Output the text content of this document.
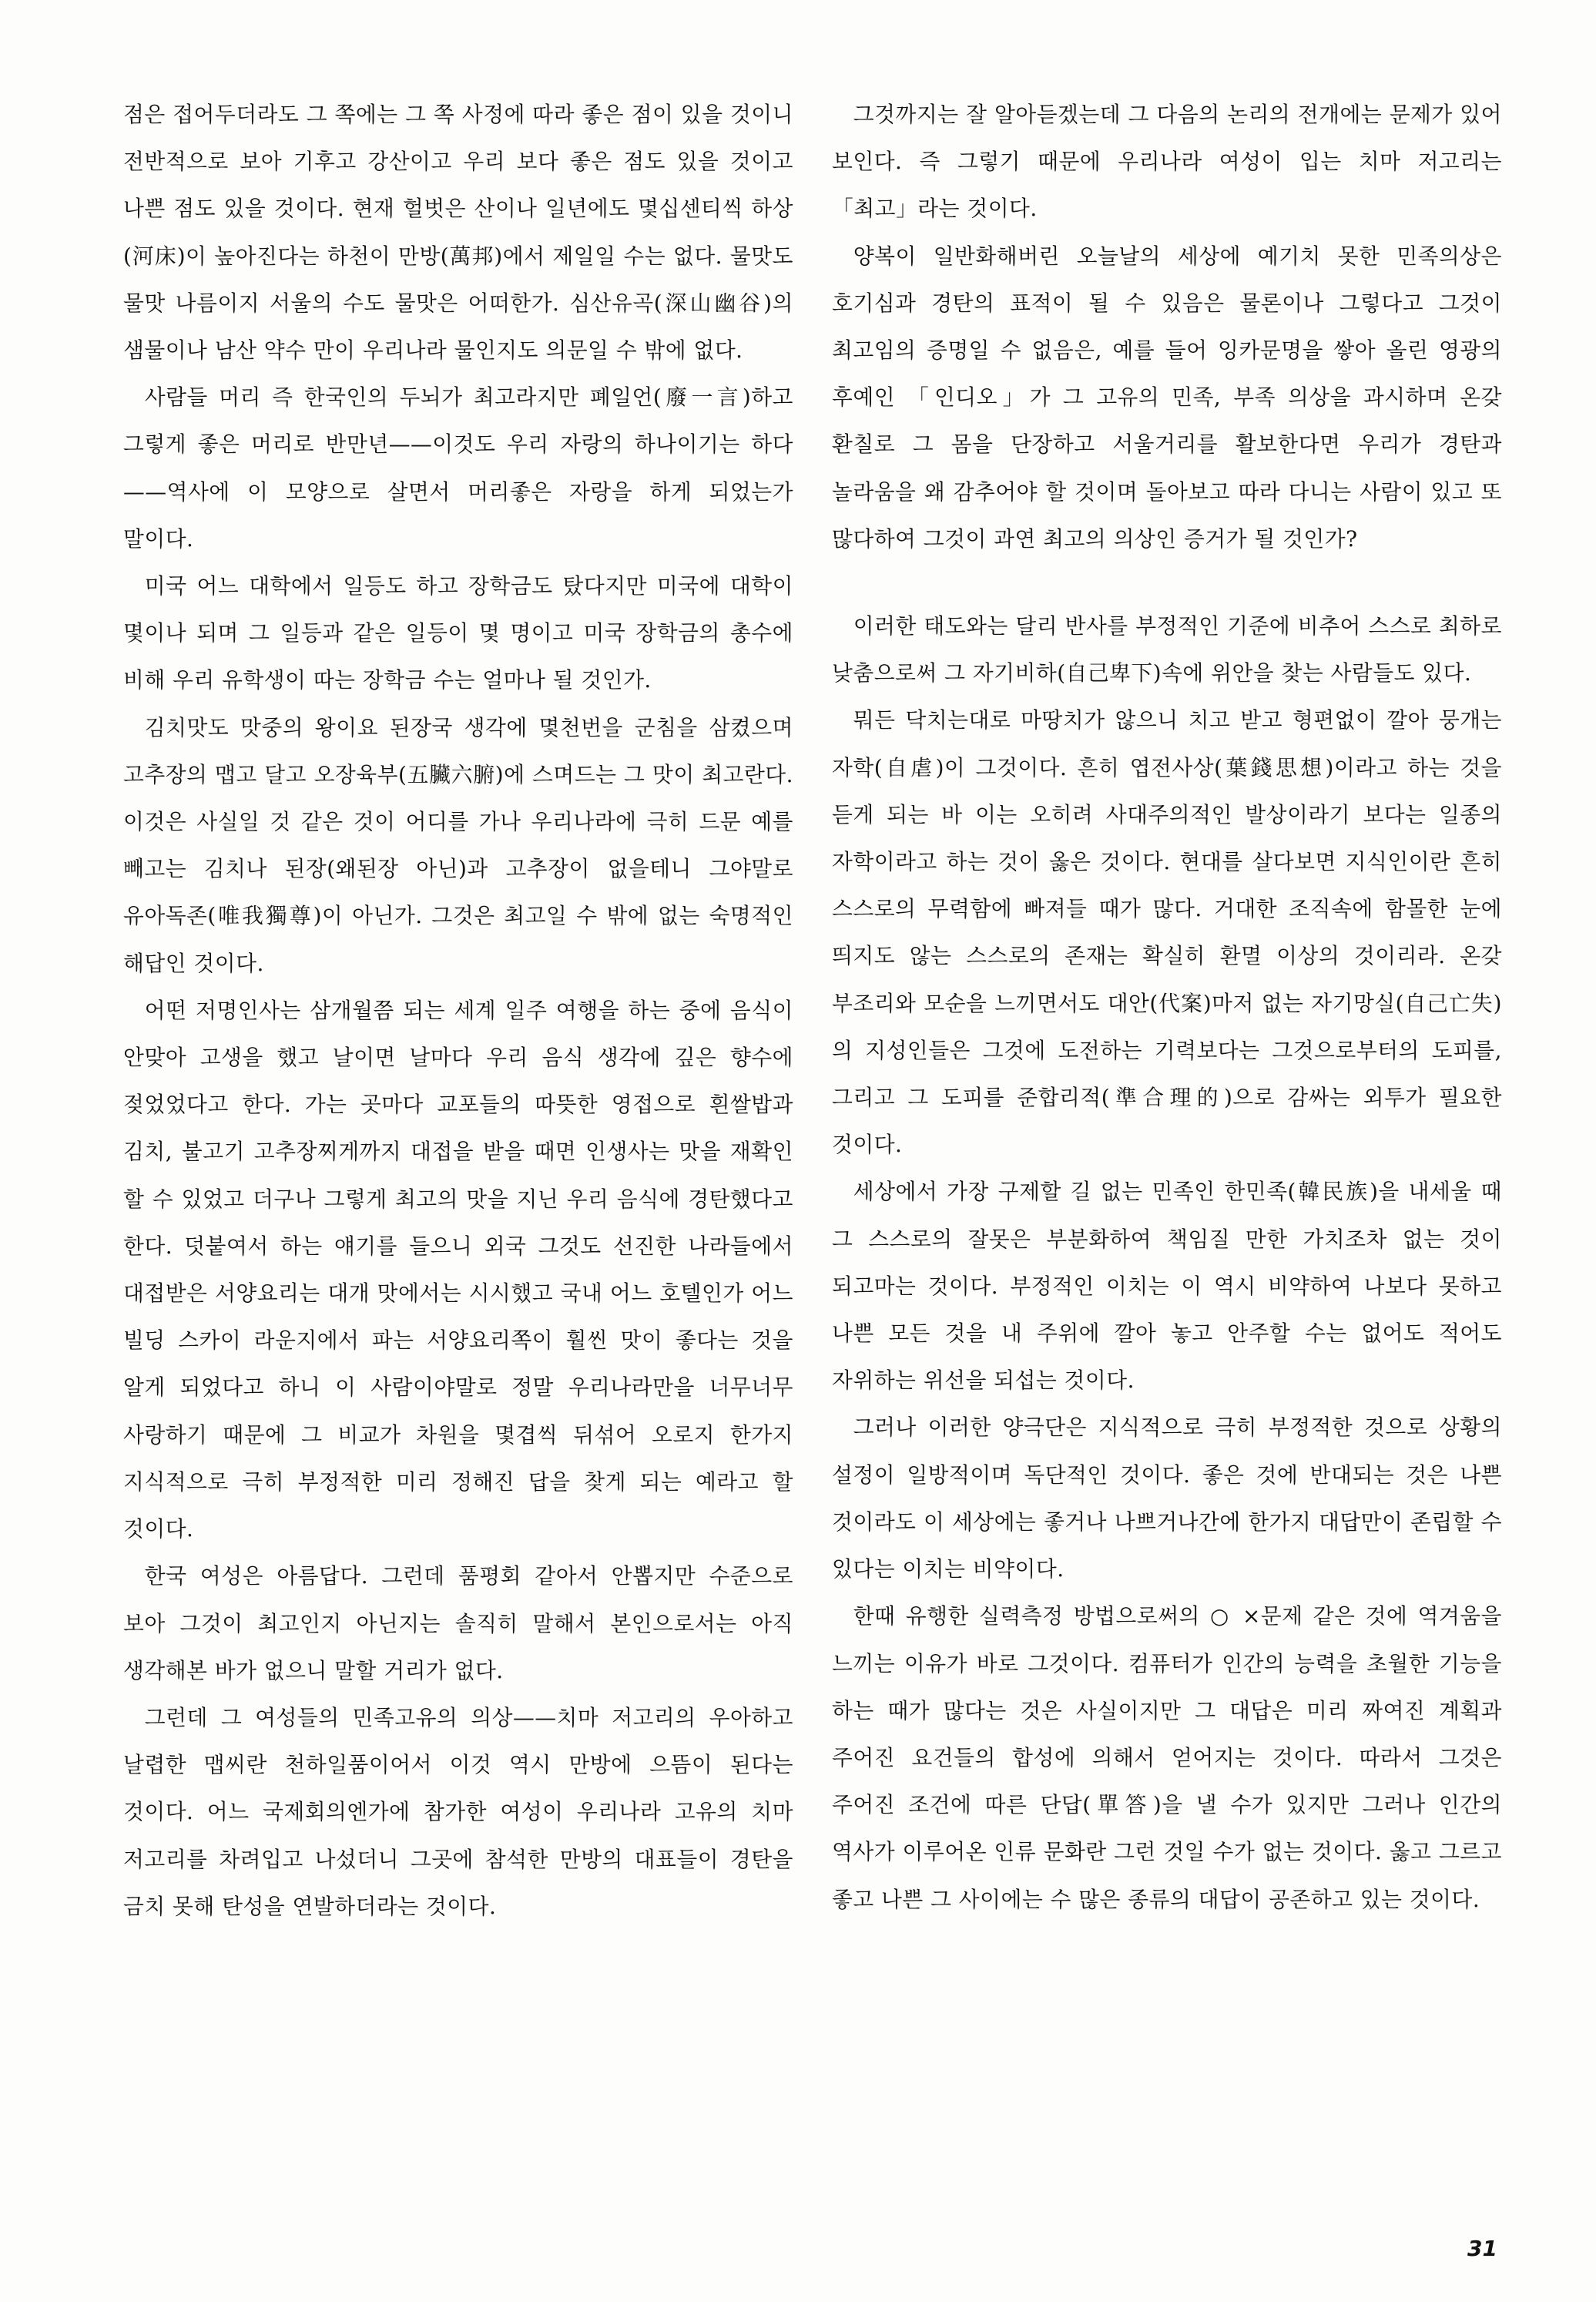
점은 접어두더라도 그 쪽에는 그 쪽 사정에 따라 좋은 점이 있을 것이니 전반적으로 보아 기후고 강산이고 우리 보다 좋은 점도 있을 것이고 나쁜 점도 있을 것이다. 현재 헐벗은 산이나 일년에도 몇십센티씩 하상(河床)이 높아진다는 하천이 만방(萬邦)에서 제일일 수는 없다. 물맛도 물맛 나름이지 서울의 수도 물맛은 어떠한가. 심산유곡(深山幽谷)의 샘물이나 남산 약수 만이 우리나라 물인지도 의문일 수 밖에 없다.

사람들 머리 즉 한국인의 두뇌가 최고라지만 폐일언(廢一言)하고 그렇게 좋은 머리로 반만년——이것도 우리 자랑의 하나이기는 하다——역사에 이 모양으로 살면서 머리좋은 자랑을 하게 되었는가 말이다.

미국 어느 대학에서 일등도 하고 장학금도 탔다지만 미국에 대학이 몇이나 되며 그 일등과 같은 일등이 몇 명이고 미국 장학금의 총수에 비해 우리 유학생이 따는 장학금 수는 얼마나 될 것인가.

김치맛도 맛중의 왕이요 된장국 생각에 몇천번을 군침을 삼켰으며 고추장의 맵고 달고 오장육부(五臟六腑)에 스며드는 그 맛이 최고란다. 이것은 사실일 것 같은 것이 어디를 가나 우리나라에 극히 드문 예를 빼고는 김치나 된장(왜된장 아닌)과 고추장이 없을테니 그야말로 유아독존(唯我獨尊)이 아닌가. 그것은 최고일 수 밖에 없는 숙명적인 해답인 것이다.

어떤 저명인사는 삼개월쯤 되는 세계 일주 여행을 하는 중에 음식이 안맞아 고생을 했고 날이면 날마다 우리 음식 생각에 깊은 향수에 젖었었다고 한다. 가는 곳마다 교포들의 따뜻한 영접으로 흰쌀밥과 김치, 불고기 고추장찌게까지 대접을 받을 때면 인생사는 맛을 재확인 할 수 있었고 더구나 그렇게 최고의 맛을 지닌 우리 음식에 경탄했다고 한다. 덧붙여서 하는 얘기를 들으니 외국 그것도 선진한 나라들에서 대접받은 서양요리는 대개 맛에서는 시시했고 국내 어느 호텔인가 어느 빌딩 스카이 라운지에서 파는 서양요리쪽이 훨씬 맛이 좋다는 것을 알게 되었다고 하니 이 사람이야말로 정말 우리나라만을 너무너무 사랑하기 때문에 그 비교가 차원을 몇겹씩 뒤섞어 오로지 한가지 지식적으로 극히 부정적한 미리 정해진 답을 찾게 되는 예라고 할 것이다.

한국 여성은 아름답다. 그런데 품평회 같아서 안뽑지만 수준으로 보아 그것이 최고인지 아닌지는 솔직히 말해서 본인으로서는 아직 생각해본 바가 없으니 말할 거리가 없다.

그런데 그 여성들의 민족고유의 의상——치마 저고리의 우아하고 날렵한 맵씨란 천하일품이어서 이것 역시 만방에 으뜸이 된다는 것이다. 어느 국제회의엔가에 참가한 여성이 우리나라 고유의 치마 저고리를 차려입고 나섰더니 그곳에 참석한 만방의 대표들이 경탄을 금치 못해 탄성을 연발하더라는 것이다.

그것까지는 잘 알아듣겠는데 그 다음의 논리의 전개에는 문제가 있어 보인다. 즉 그렇기 때문에 우리나라 여성이 입는 치마 저고리는 「최고」라는 것이다.

양복이 일반화해버린 오늘날의 세상에 예기치 못한 민족의상은 호기심과 경탄의 표적이 될 수 있음은 물론이나 그렇다고 그것이 최고임의 증명일 수 없음은, 예를 들어 잉카문명을 쌓아 올린 영광의 후예인 「인디오」가 그 고유의 민족, 부족 의상을 과시하며 온갖 환칠로 그 몸을 단장하고 서울거리를 활보한다면 우리가 경탄과 놀라움을 왜 감추어야 할 것이며 돌아보고 따라 다니는 사람이 있고 또 많다하여 그것이 과연 최고의 의상인 증거가 될 것인가?

이러한 태도와는 달리 반사를 부정적인 기준에 비추어 스스로 최하로 낮춤으로써 그 자기비하(自己卑下)속에 위안을 찾는 사람들도 있다.

뭐든 닥치는대로 마땅치가 않으니 치고 받고 형편없이 깔아 뭉개는 자학(自虐)이 그것이다. 흔히 엽전사상(葉錢思想)이라고 하는 것을 듣게 되는 바 이는 오히려 사대주의적인 발상이라기 보다는 일종의 자학이라고 하는 것이 옳은 것이다. 현대를 살다보면 지식인이란 흔히 스스로의 무력함에 빠져들 때가 많다. 거대한 조직속에 함몰한 눈에 띄지도 않는 스스로의 존재는 확실히 환멸 이상의 것이리라. 온갖 부조리와 모순을 느끼면서도 대안(代案)마저 없는 자기망실(自己亡失)의 지성인들은 그것에 도전하는 기력보다는 그것으로부터의 도피를, 그리고 그 도피를 준합리적(準合理的)으로 감싸는 외투가 필요한 것이다.

세상에서 가장 구제할 길 없는 민족인 한민족(韓民族)을 내세울 때 그 스스로의 잘못은 부분화하여 책임질 만한 가치조차 없는 것이 되고마는 것이다. 부정적인 이치는 이 역시 비약하여 나보다 못하고 나쁜 모든 것을 내 주위에 깔아 놓고 안주할 수는 없어도 적어도 자위하는 위선을 되섭는 것이다.

그러나 이러한 양극단은 지식적으로 극히 부정적한 것으로 상황의 설정이 일방적이며 독단적인 것이다. 좋은 것에 반대되는 것은 나쁜 것이라도 이 세상에는 좋거나 나쁘거나간에 한가지 대답만이 존립할 수 있다는 이치는 비약이다.

한때 유행한 실력측정 방법으로써의 ○ ×문제 같은 것에 역겨움을 느끼는 이유가 바로 그것이다. 컴퓨터가 인간의 능력을 초월한 기능을 하는 때가 많다는 것은 사실이지만 그 대답은 미리 짜여진 계획과 주어진 요건들의 합성에 의해서 얻어지는 것이다. 따라서 그것은 주어진 조건에 따른 단답(單答)을 낼 수가 있지만 그러나 인간의 역사가 이루어온 인류 문화란 그런 것일 수가 없는 것이다. 옳고 그르고 좋고 나쁜 그 사이에는 수 많은 종류의 대답이 공존하고 있는 것이다.

31
